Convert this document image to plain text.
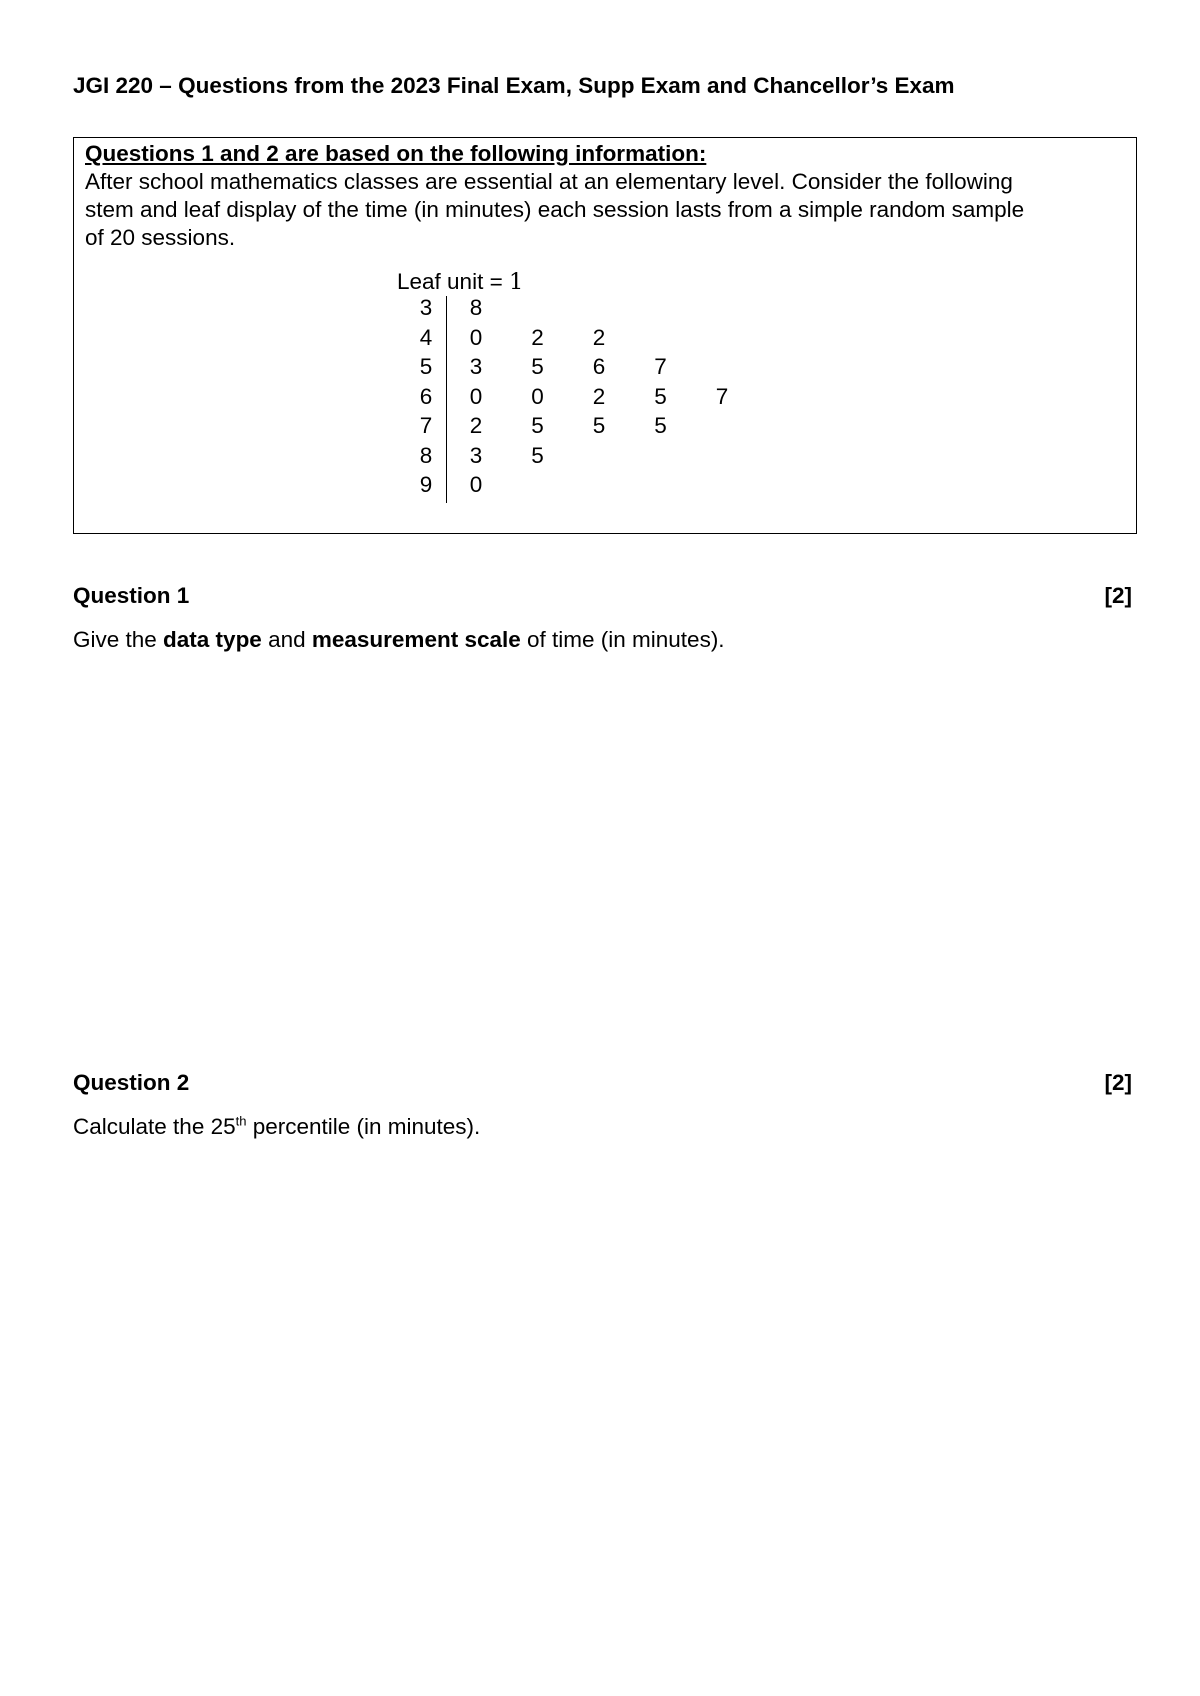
JGI 220 – Questions from the 2023 Final Exam, Supp Exam and Chancellor’s Exam
Questions 1 and 2 are based on the following information:
After school mathematics classes are essential at an elementary level. Consider the following
stem and leaf display of the time (in minutes) each session lasts from a simple random sample
of 20 sessions.
Leaf unit = 1
3 8
4 0 2 2
5 3 5 6 7
6 0 0 2 5 7
7 2 5 5 5
8 3 5
9 0
Question 1	[2]
Give the data type and measurement scale of time (in minutes).
Question 2	[2]
Calculate the 25th percentile (in minutes).
